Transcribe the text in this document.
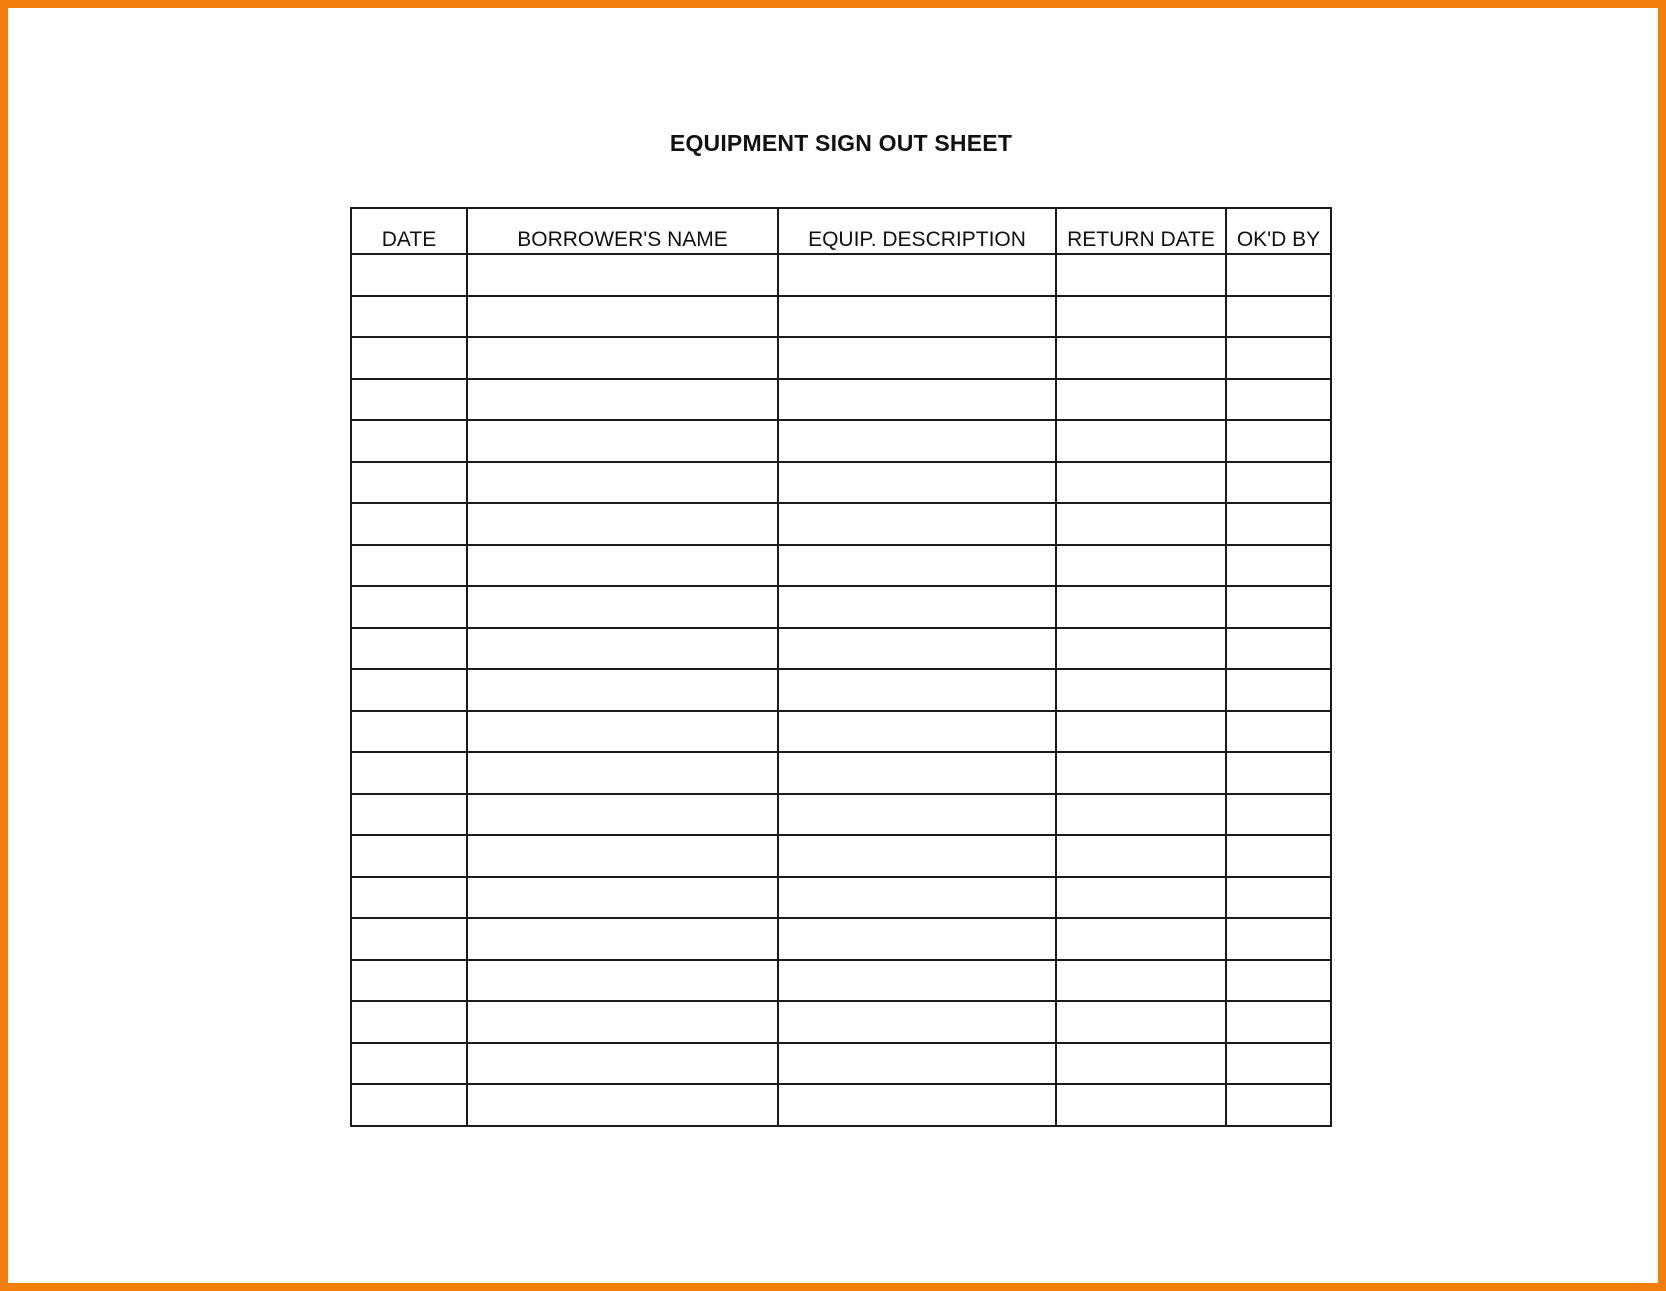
EQUIPMENT SIGN OUT SHEET
DATE	BORROWER'S NAME	EQUIP. DESCRIPTION	RETURN DATE	OK'D BY
